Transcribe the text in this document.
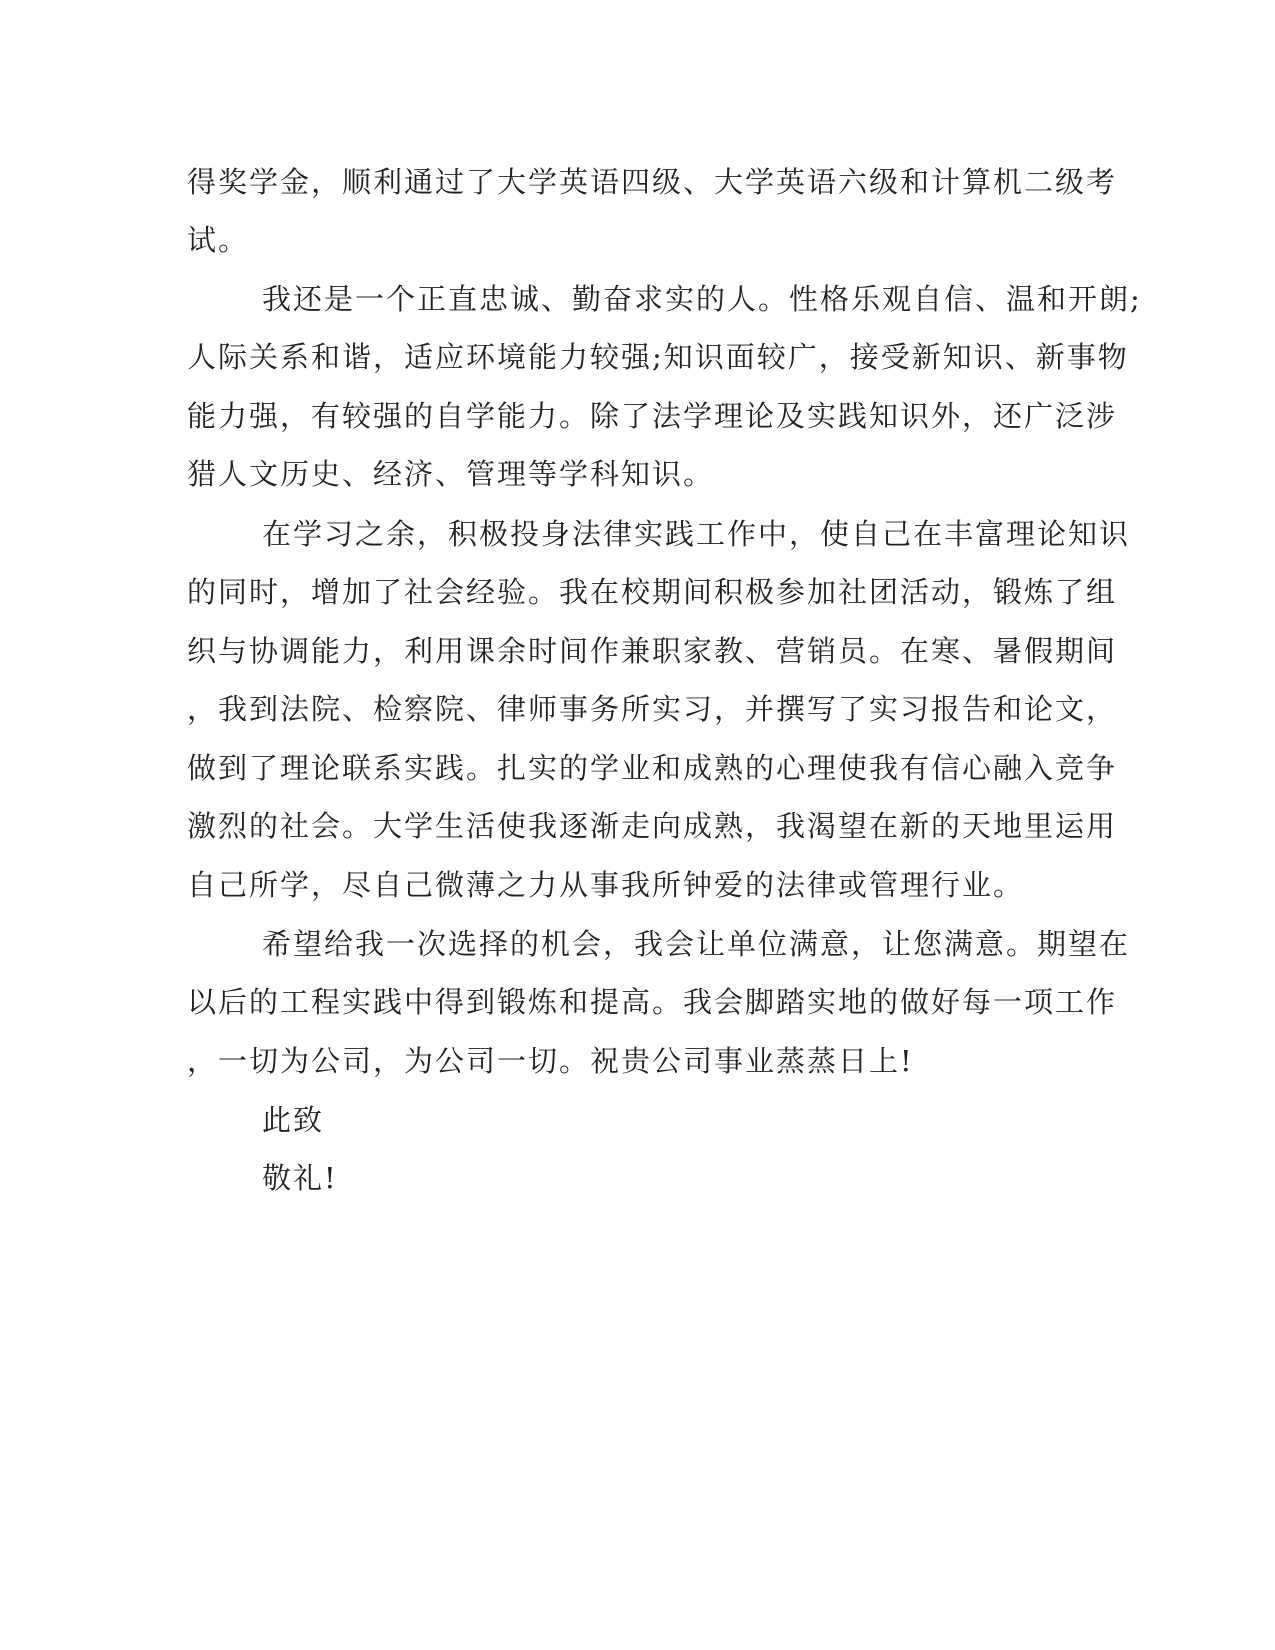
得奖学金，顺利通过了大学英语四级、大学英语六级和计算机二级考
试。
我还是一个正直忠诚、勤奋求实的人。性格乐观自信、温和开朗;
人际关系和谐，适应环境能力较强;知识面较广，接受新知识、新事物
能力强，有较强的自学能力。除了法学理论及实践知识外，还广泛涉
猎人文历史、经济、管理等学科知识。
在学习之余，积极投身法律实践工作中，使自己在丰富理论知识
的同时，增加了社会经验。我在校期间积极参加社团活动，锻炼了组
织与协调能力，利用课余时间作兼职家教、营销员。在寒、暑假期间
，我到法院、检察院、律师事务所实习，并撰写了实习报告和论文，
做到了理论联系实践。扎实的学业和成熟的心理使我有信心融入竞争
激烈的社会。大学生活使我逐渐走向成熟，我渴望在新的天地里运用
自己所学，尽自己微薄之力从事我所钟爱的法律或管理行业。
希望给我一次选择的机会，我会让单位满意，让您满意。期望在
以后的工程实践中得到锻炼和提高。我会脚踏实地的做好每一项工作
，一切为公司，为公司一切。祝贵公司事业蒸蒸日上!
此致
敬礼!
